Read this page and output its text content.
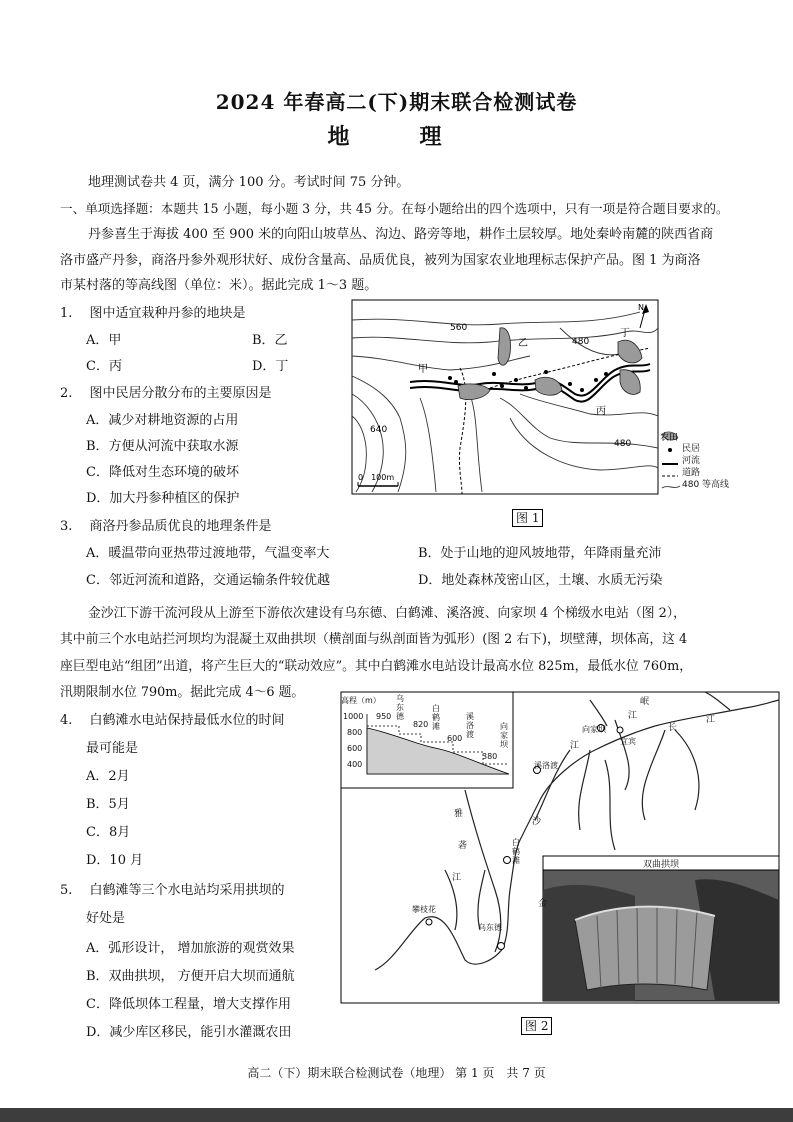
2024 年春高二(下)期末联合检测试卷
地　理
地理测试卷共 4 页，满分 100 分。考试时间 75 分钟。
一、单项选择题：本题共 15 小题，每小题 3 分，共 45 分。在每小题给出的四个选项中，只有一项是符合题目要求的。
丹参喜生于海拔 400 至 900 米的向阳山坡草丛、沟边、路旁等地，耕作土层较厚。地处秦岭南麓的陕西省商
洛市盛产丹参，商洛丹参外观形状好、成份含量高、品质优良，被列为国家农业地理标志保护产品。图 1 为商洛
市某村落的等高线图（单位：米）。据此完成 1～3 题。
1.　 图中适宜栽种丹参的地块是
A．甲	B．乙
C．丙	D．丁
2.　 图中民居分散分布的主要原因是
A．减少对耕地资源的占用
B．方便从河流中获取水源
C．降低对生态环境的破坏
D．加大丹参种植区的保护
3.　 商洛丹参品质优良的地理条件是
A．暖温带向亚热带过渡地带，气温变率大	B．处于山地的迎风坡地带，年降雨量充沛
C．邻近河流和道路，交通运输条件较优越	D．地处森林茂密山区，土壤、水质无污染
金沙江下游干流河段从上游至下游依次建设有乌东德、白鹤滩、溪洛渡、向家坝 4 个梯级水电站（图 2），
其中前三个水电站拦河坝均为混凝土双曲拱坝（横剖面与纵剖面皆为弧形）(图 2 右下)，坝壁薄，坝体高，这 4
座巨型电站“组团”出道，将产生巨大的“联动效应”。其中白鹤滩水电站设计最高水位 825m，最低水位 760m，
汛期限制水位 790m。据此完成 4～6 题。
4.　 白鹤滩水电站保持最低水位的时间
最可能是
A．2月
B．5月
C．8月
D．10 月
5.　 白鹤滩等三个水电站均采用拱坝的
好处是
A．弧形设计， 增加旅游的观赏效果
B．双曲拱坝， 方便开启大坝而通航
C．降低坝体工程量，增大支撑作用
D．减少库区移民，能引水灌溉农田
560
480
480
640
甲
乙
丙
丁
N
0　100m
农田
民居
河流
道路
480 等高线
图 1
高程（m）
1000
800
600
400
乌东德
白鹤滩
溪洛渡
向家坝
950
820
600
380
乌东德
白鹤滩
溪洛渡
向家坝
攀枝花
宜宾
雅
砻
江
金
沙
长
江
岷
江
江
双曲拱坝
图 2
高二（下）期末联合检测试卷（地理） 第 1 页　共 7 页
